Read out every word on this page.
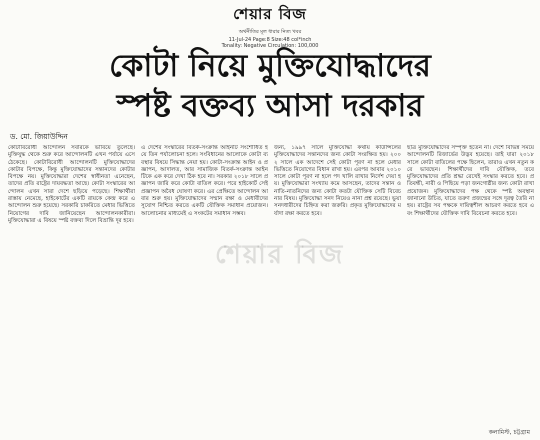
শেয়ার বিজ
অর্থনীতির মূল ধারার নিত্য খবর
11-Jul-24 Page:8 Size:48 col*inch
Tonality: Negative Circulation: 100,000
কোটা নিয়ে মুক্তিযোদ্ধাদের
স্পষ্ট বক্তব্য আসা দরকার
ড. মো. জিয়াউদ্দিন
কোটাবিরোধী আন্দোলন সবারকে ভাবিয়ে তুলেছে। মুক্তিযুদ্ধ থেকে শুরু করে আন্দোলনটি এখন পর্যায়ে এসে ঠেকেছে। কোটাবিরোধী আন্দোলনটি মুক্তিযোদ্ধাদের কোটার বিপক্ষে, কিন্তু মুক্তিযোদ্ধাদের সন্তানদের কোটার বিপক্ষে নয়। মুক্তিযোদ্ধারা দেশের স্বাধীনতা এনেছেন, তাদের প্রতি রাষ্ট্রের দায়বদ্ধতা আছে। কোটা সংস্কারের আন্দোলন এখন সারা দেশে ছড়িয়ে পড়েছে। শিক্ষার্থীরা রাস্তায় নেমেছে, হাইকোর্টের একটি রায়কে কেন্দ্র করে এ আন্দোলন শুরু হয়েছে। সরকারি চাকরিতে মেধার ভিত্তিতে নিয়োগের দাবি জানিয়েছেন আন্দোলনকারীরা। মুক্তিযোদ্ধারা এ বিষয়ে স্পষ্ট বক্তব্য দিলে বিভ্রান্তি দূর হবে।
এ দেশের সংস্কারের বিতর্ক-সংক্রান্ত আইনটি সংশোধিত হয়ে তিন পর্যালোচনা হলে। সংবিধানের আলোকে কোটা ব্যবস্থার বিষয়ে সিদ্ধান্ত নেয়া হয়। কোটা-সংক্রান্ত আইন ও প্রজ্ঞাপন, আদালত, আর সামাজিক বিতর্ক-সংক্রান্ত আইনটিকে এক করে দেখা ঠিক হবে না। সরকার ২০১৮ সালে প্রজ্ঞাপন জারি করে কোটা বাতিল করে। পরে হাইকোর্ট সেই প্রজ্ঞাপন অবৈধ ঘোষণা করে। এর প্রেক্ষিতে আন্দোলন আবার শুরু হয়। মুক্তিযোদ্ধাদের সম্মান রক্ষা ও মেধাবীদের সুযোগ নিশ্চিত করতে একটি যৌক্তিক সমাধান প্রয়োজন। আলোচনার মাধ্যমেই এ সংকটের সমাধান সম্ভব।
জন্য, ১৯৯৭ সালে মুক্তিযোদ্ধা কথায় কাউন্সিলের মুক্তিযোদ্ধাদের সন্তানদের জন্য কোটা সংরক্ষিত হয়। ২০০২ সালে এক আদেশে সেই কোটা পূরণ না হলে মেধার ভিত্তিতে নিয়োগের বিধান রাখা হয়। এরপর আবার ২০১০ সালে কোটা পূরণ না হলে পদ খালি রাখার নির্দেশ দেয়া হয়। মুক্তিযোদ্ধারা সংখ্যায় কমে আসছেন, তাদের সন্তান ও নাতি-নাতনিদের জন্য কোটা কতটা যৌক্তিক সেটি বিবেচনার বিষয়। মুক্তিযোদ্ধা সনদ নিয়েও নানা প্রশ্ন রয়েছে। ভুয়া সনদধারীদের চিহ্নিত করা জরুরি। প্রকৃত মুক্তিযোদ্ধাদের মর্যাদা রক্ষা করতে হবে।
ছাত্র মুক্তিযোদ্ধাদের সম্পৃক্ত হতেন না। দেশে বিভিন্ন সময়ে আন্দোলনটি রিজার্ভের উদ্ভব হয়েছে। তাই যারা ২০১৮ সালে কোটা বাতিলের পক্ষে ছিলেন, তারাও এখন নতুন করে ভাবছেন। শিক্ষার্থীদের দাবি যৌক্তিক, তবে মুক্তিযোদ্ধাদের প্রতি শ্রদ্ধা রেখেই সংস্কার করতে হবে। প্রতিবন্ধী, নারী ও পিছিয়ে পড়া জনগোষ্ঠীর জন্য কোটা রাখা প্রয়োজন। মুক্তিযোদ্ধাদের পক্ষ থেকে স্পষ্ট অবস্থান জানানো উচিত, যাতে তরুণ প্রজন্মের সঙ্গে দূরত্ব তৈরি না হয়। রাষ্ট্রের সব পক্ষকে দায়িত্বশীল আচরণ করতে হবে এবং শিক্ষার্থীদের যৌক্তিক দাবি বিবেচনা করতে হবে।
শেয়ার বিজ
কলামিস্ট, চট্টগ্রাম
